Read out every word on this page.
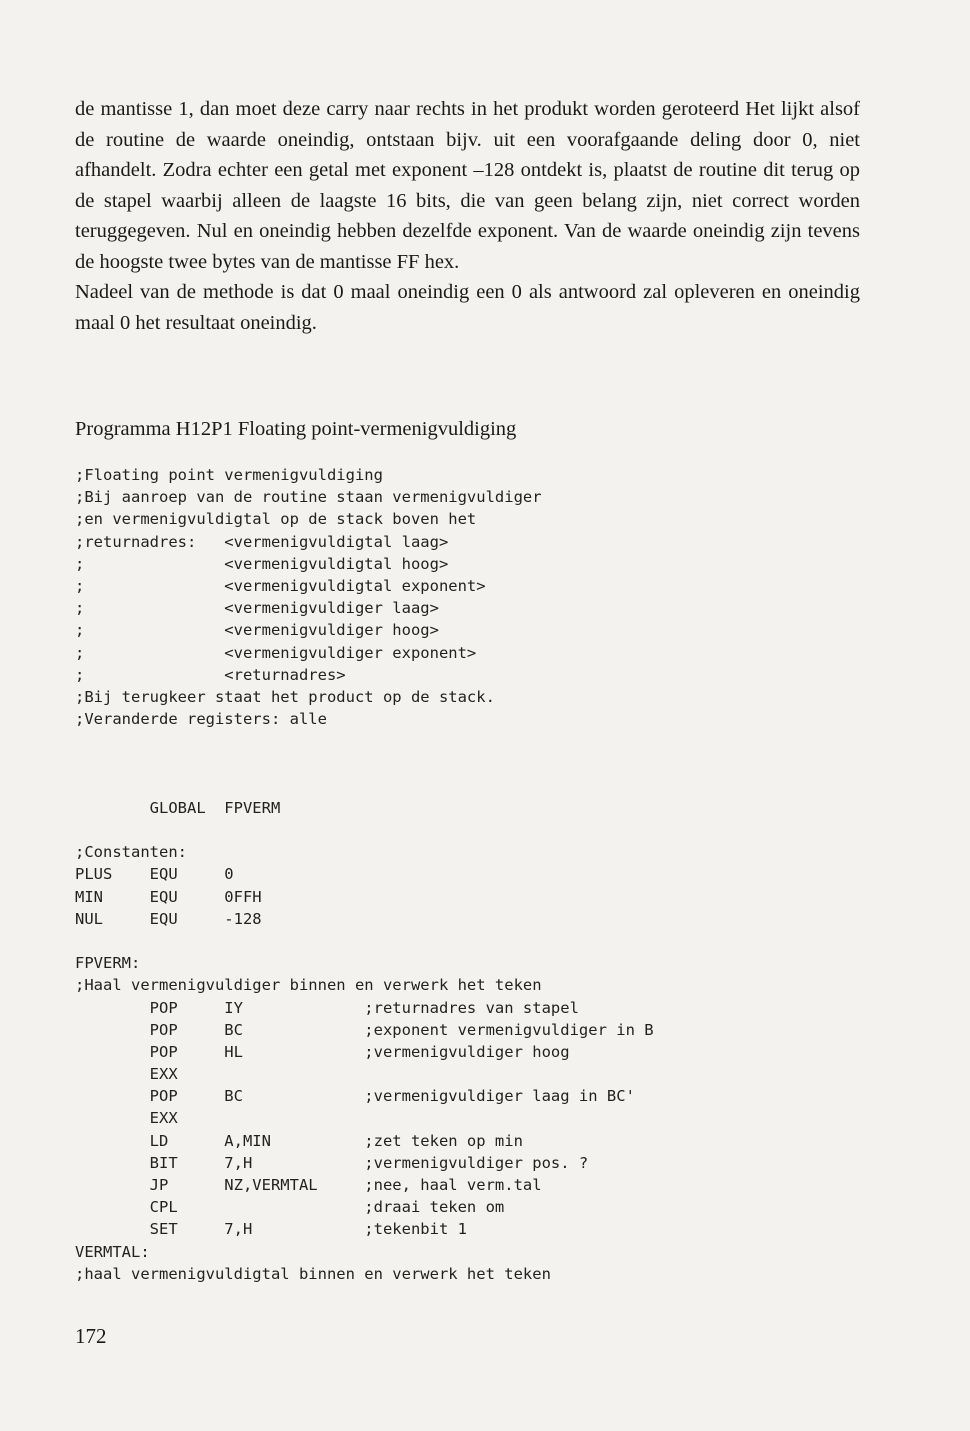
de mantisse 1, dan moet deze carry naar rechts in het produkt worden geroteerd Het lijkt alsof de routine de waarde oneindig, ontstaan bijv. uit een voorafgaande deling door 0, niet afhandelt. Zodra echter een getal met exponent –128 ontdekt is, plaatst de routine dit terug op de stapel waarbij alleen de laagste 16 bits, die van geen belang zijn, niet correct worden teruggegeven. Nul en oneindig hebben dezelfde exponent. Van de waarde oneindig zijn tevens de hoogste twee bytes van de mantisse FF hex.

Nadeel van de methode is dat 0 maal oneindig een 0 als antwoord zal opleveren en oneindig maal 0 het resultaat oneindig.

Programma H12P1 Floating point-vermenigvuldiging
;Floating point vermenigvuldiging
;Bij aanroep van de routine staan vermenigvuldiger
;en vermenigvuldigtal op de stack boven het
;returnadres:   <vermenigvuldigtal laag>
;               <vermenigvuldigtal hoog>
;               <vermenigvuldigtal exponent>
;               <vermenigvuldiger laag>
;               <vermenigvuldiger hoog>
;               <vermenigvuldiger exponent>
;               <returnadres>
;Bij terugkeer staat het product op de stack.
;Veranderde registers: alle
GLOBAL  FPVERM
;Constanten:
PLUS    EQU     0
MIN     EQU     0FFH
NUL     EQU     -128
FPVERM:
;Haal vermenigvuldiger binnen en verwerk het teken
POP     IY             ;returnadres van stapel
POP     BC             ;exponent vermenigvuldiger in B
POP     HL             ;vermenigvuldiger hoog
EXX
POP     BC             ;vermenigvuldiger laag in BC'
EXX
LD      A,MIN          ;zet teken op min
BIT     7,H            ;vermenigvuldiger pos. ?
JP      NZ,VERMTAL     ;nee, haal verm.tal
CPL                    ;draai teken om
SET     7,H            ;tekenbit 1
VERMTAL:
;haal vermenigvuldigtal binnen en verwerk het teken
172
